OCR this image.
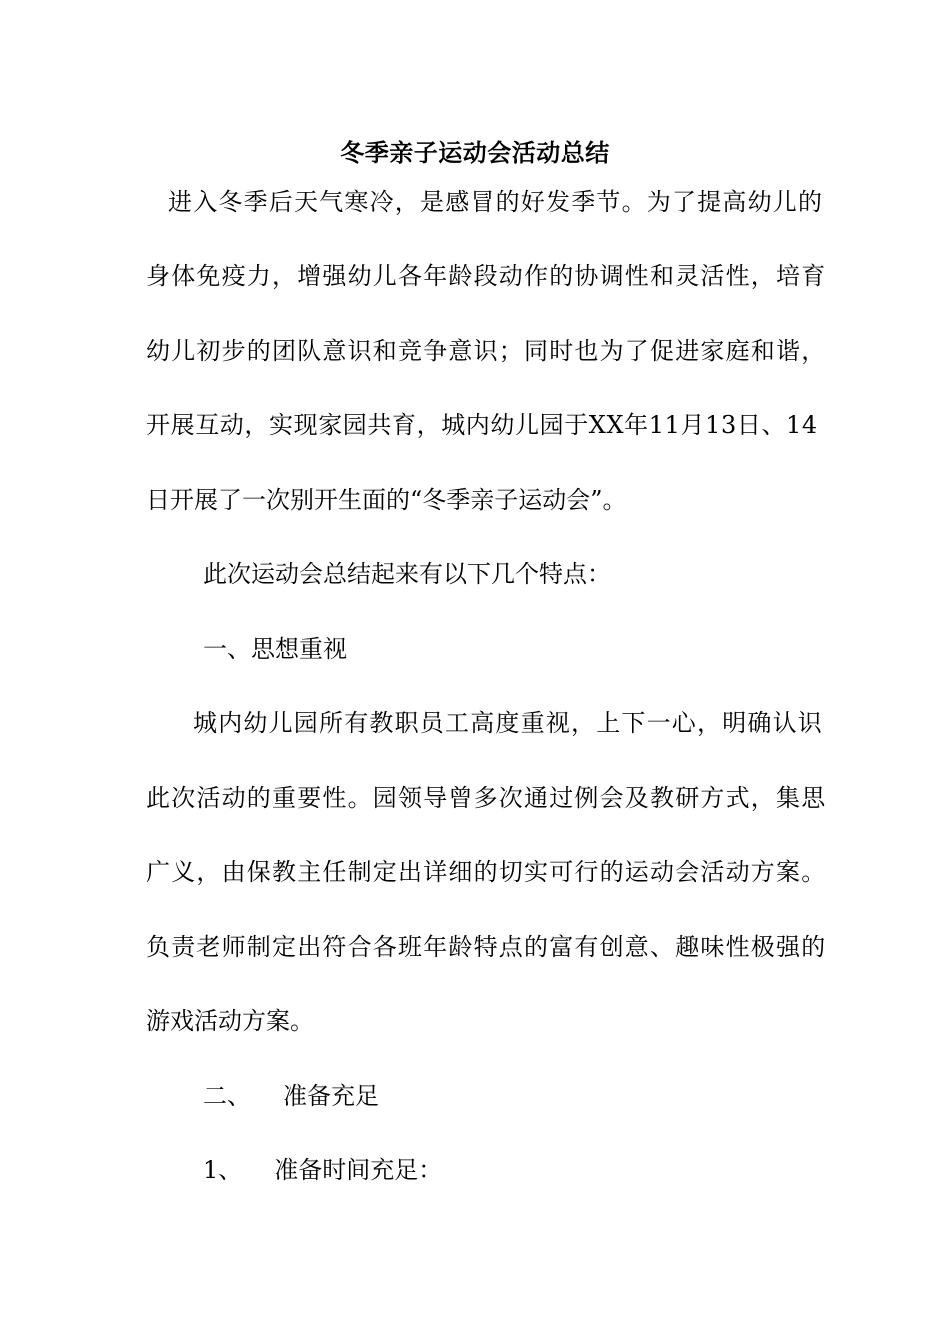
冬季亲子运动会活动总结
进入冬季后天气寒冷，是感冒的好发季节。为了提高幼儿的
身体免疫力，增强幼儿各年龄段动作的协调性和灵活性，培育
幼儿初步的团队意识和竞争意识；同时也为了促进家庭和谐，
开展互动，实现家园共育，城内幼儿园于XX年11月13日、14
日开展了一次别开生面的“冬季亲子运动会”。
此次运动会总结起来有以下几个特点：
一、思想重视
城内幼儿园所有教职员工高度重视，上下一心，明确认识
此次活动的重要性。园领导曾多次通过例会及教研方式，集思
广义，由保教主任制定出详细的切实可行的运动会活动方案。
负责老师制定出符合各班年龄特点的富有创意、趣味性极强的
游戏活动方案。
二、 准备充足
1、 准备时间充足：
